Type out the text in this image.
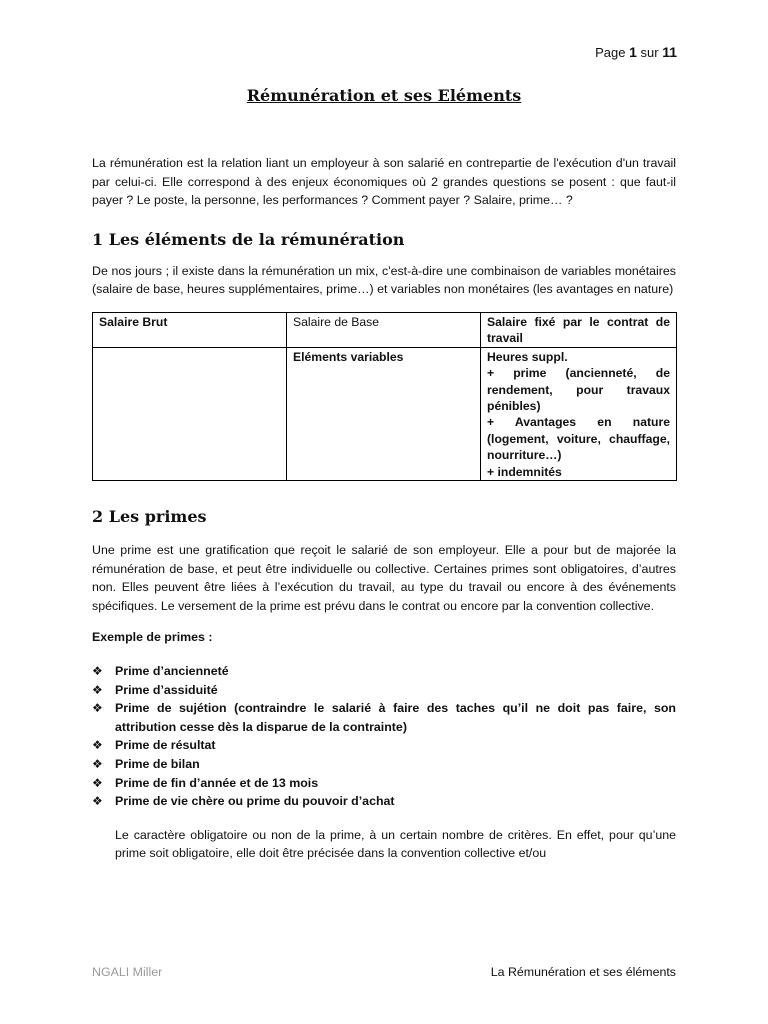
Page 1 sur 11
Rémunération et ses Eléments

La rémunération est la relation liant un employeur à son salarié en contrepartie de l'exécution d'un travail par celui-ci. Elle correspond à des enjeux économiques où 2 grandes questions se posent : que faut-il payer ? Le poste, la personne, les performances ? Comment payer ? Salaire, prime… ?

1 Les éléments de la rémunération

De nos jours ; il existe dans la rémunération un mix, c'est-à-dire une combinaison de variables monétaires (salaire de base, heures supplémentaires, prime…) et variables non monétaires (les avantages en nature)

Salaire Brut	Salaire de Base	Salaire fixé par le contrat de travail
	Eléments variables	Heures suppl.
+ prime (ancienneté, de rendement, pour travaux pénibles)
+ Avantages en nature (logement, voiture, chauffage, nourriture…)
+ indemnités
2 Les primes

Une prime est une gratification que reçoit le salarié de son employeur. Elle a pour but de majorée la rémunération de base, et peut être individuelle ou collective. Certaines primes sont obligatoires, d’autres non. Elles peuvent être liées à l’exécution du travail, au type du travail ou encore à des événements spécifiques. Le versement de la prime est prévu dans le contrat ou encore par la convention collective.

Exemple de primes :

❖ Prime d’ancienneté
❖ Prime d’assiduité
❖ Prime de sujétion (contraindre le salarié à faire des taches qu’il ne doit pas faire, son attribution cesse dès la disparue de la contrainte)
❖ Prime de résultat
❖ Prime de bilan
❖ Prime de fin d’année et de 13 mois
❖ Prime de vie chère ou prime du pouvoir d’achat

Le caractère obligatoire ou non de la prime, à un certain nombre de critères. En effet, pour qu’une prime soit obligatoire, elle doit être précisée dans la convention collective et/ou

NGALI Miller	La Rémunération et ses éléments
